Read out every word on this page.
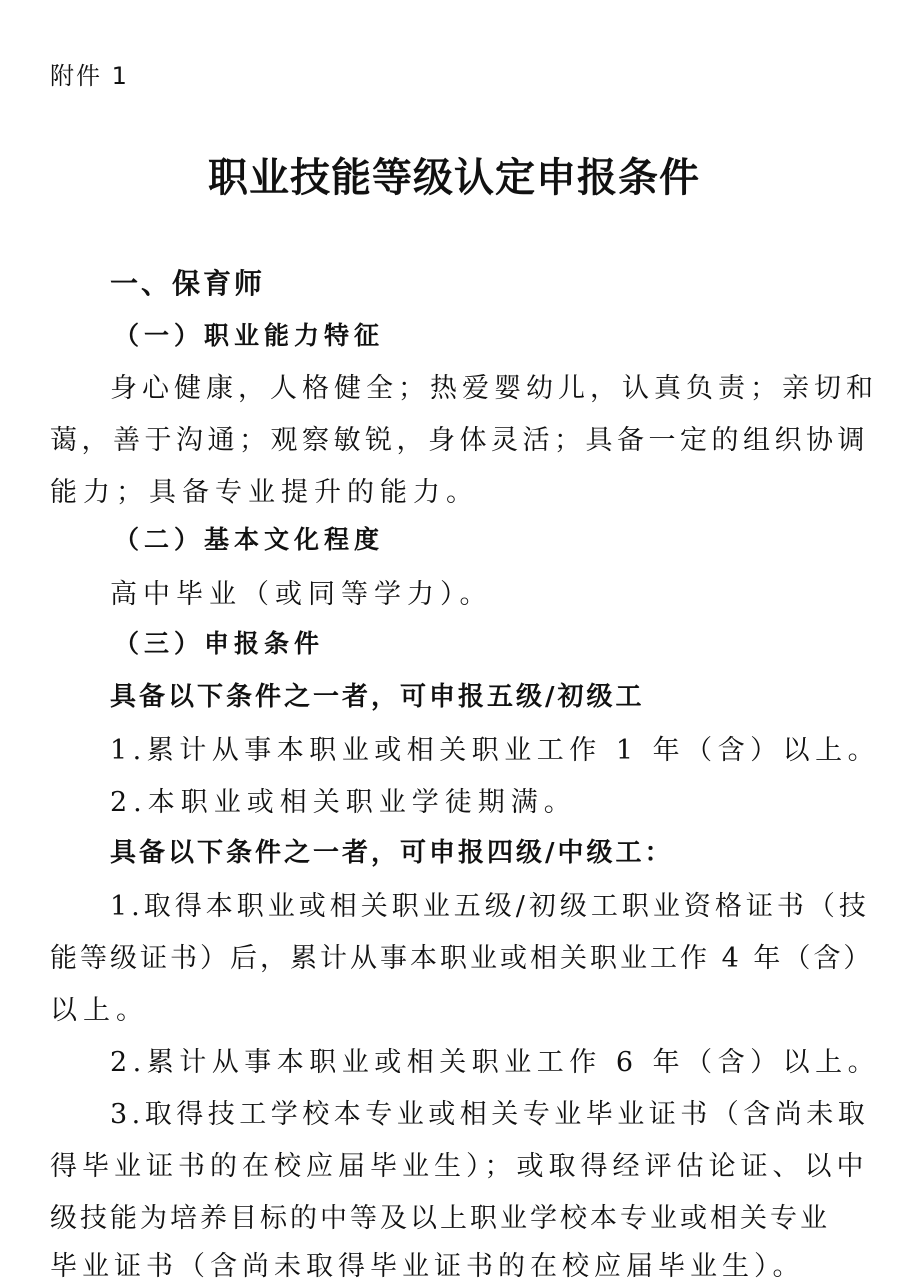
附件 1
职业技能等级认定申报条件
一、保育师
（一）职业能力特征
身心健康，人格健全；热爱婴幼儿，认真负责；亲切和
蔼，善于沟通；观察敏锐，身体灵活；具备一定的组织协调
能力；具备专业提升的能力。
（二）基本文化程度
高中毕业（或同等学力）。
（三）申报条件
具备以下条件之一者，可申报五级/初级工
1.累计从事本职业或相关职业工作 1 年（含）以上。
2.本职业或相关职业学徒期满。
具备以下条件之一者，可申报四级/中级工：
1.取得本职业或相关职业五级/初级工职业资格证书（技
能等级证书）后，累计从事本职业或相关职业工作 4 年（含）
以上。
2.累计从事本职业或相关职业工作 6 年（含）以上。
3.取得技工学校本专业或相关专业毕业证书（含尚未取
得毕业证书的在校应届毕业生）；或取得经评估论证、以中
级技能为培养目标的中等及以上职业学校本专业或相关专业
毕业证书（含尚未取得毕业证书的在校应届毕业生）。
